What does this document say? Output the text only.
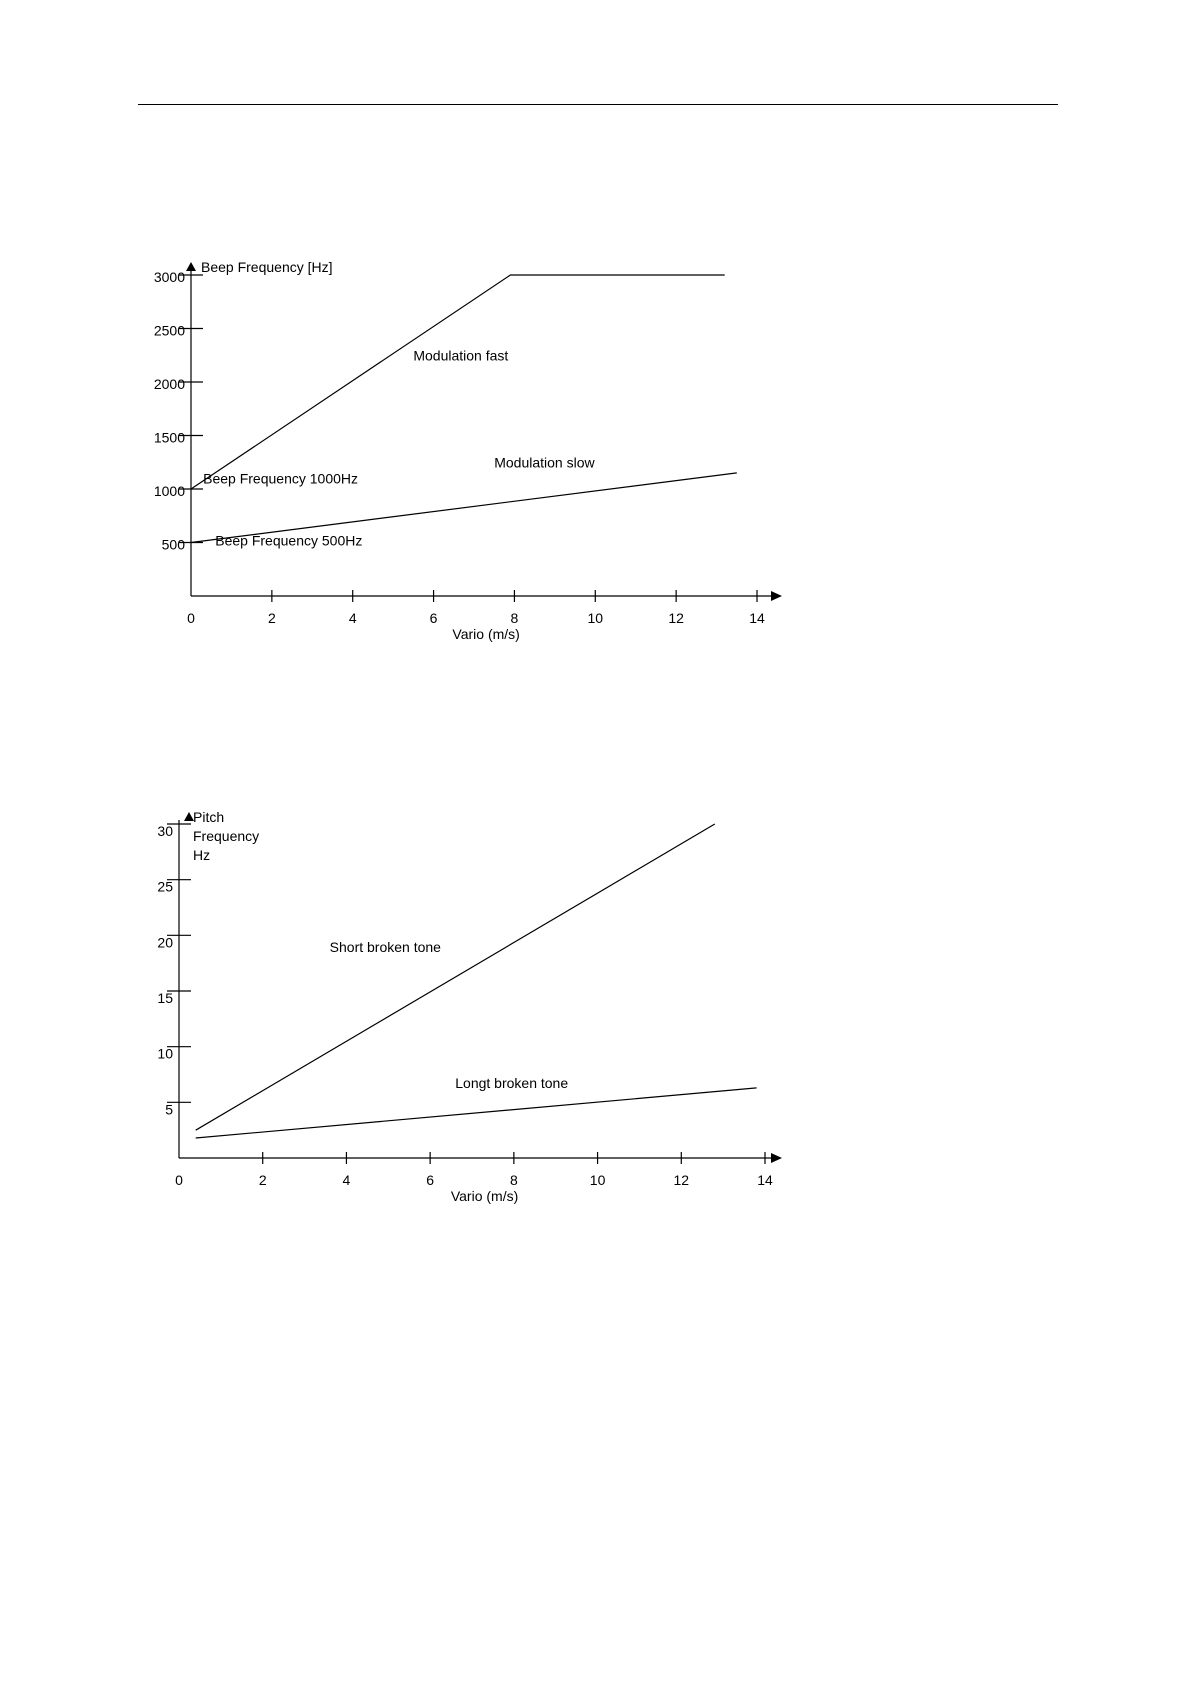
0	2	4	6	8	10	12	14
500
1000
1500
2000
2500
3000
Beep Frequency [Hz]
Vario (m/s)
Modulation fast
Modulation slow
Beep Frequency 1000Hz
Beep Frequency 500Hz
0	2	4	6	8	10	12	14
5
10
15
20
25
30
Pitch
Frequency
Hz
Vario (m/s)
Short broken tone
Longt broken tone
